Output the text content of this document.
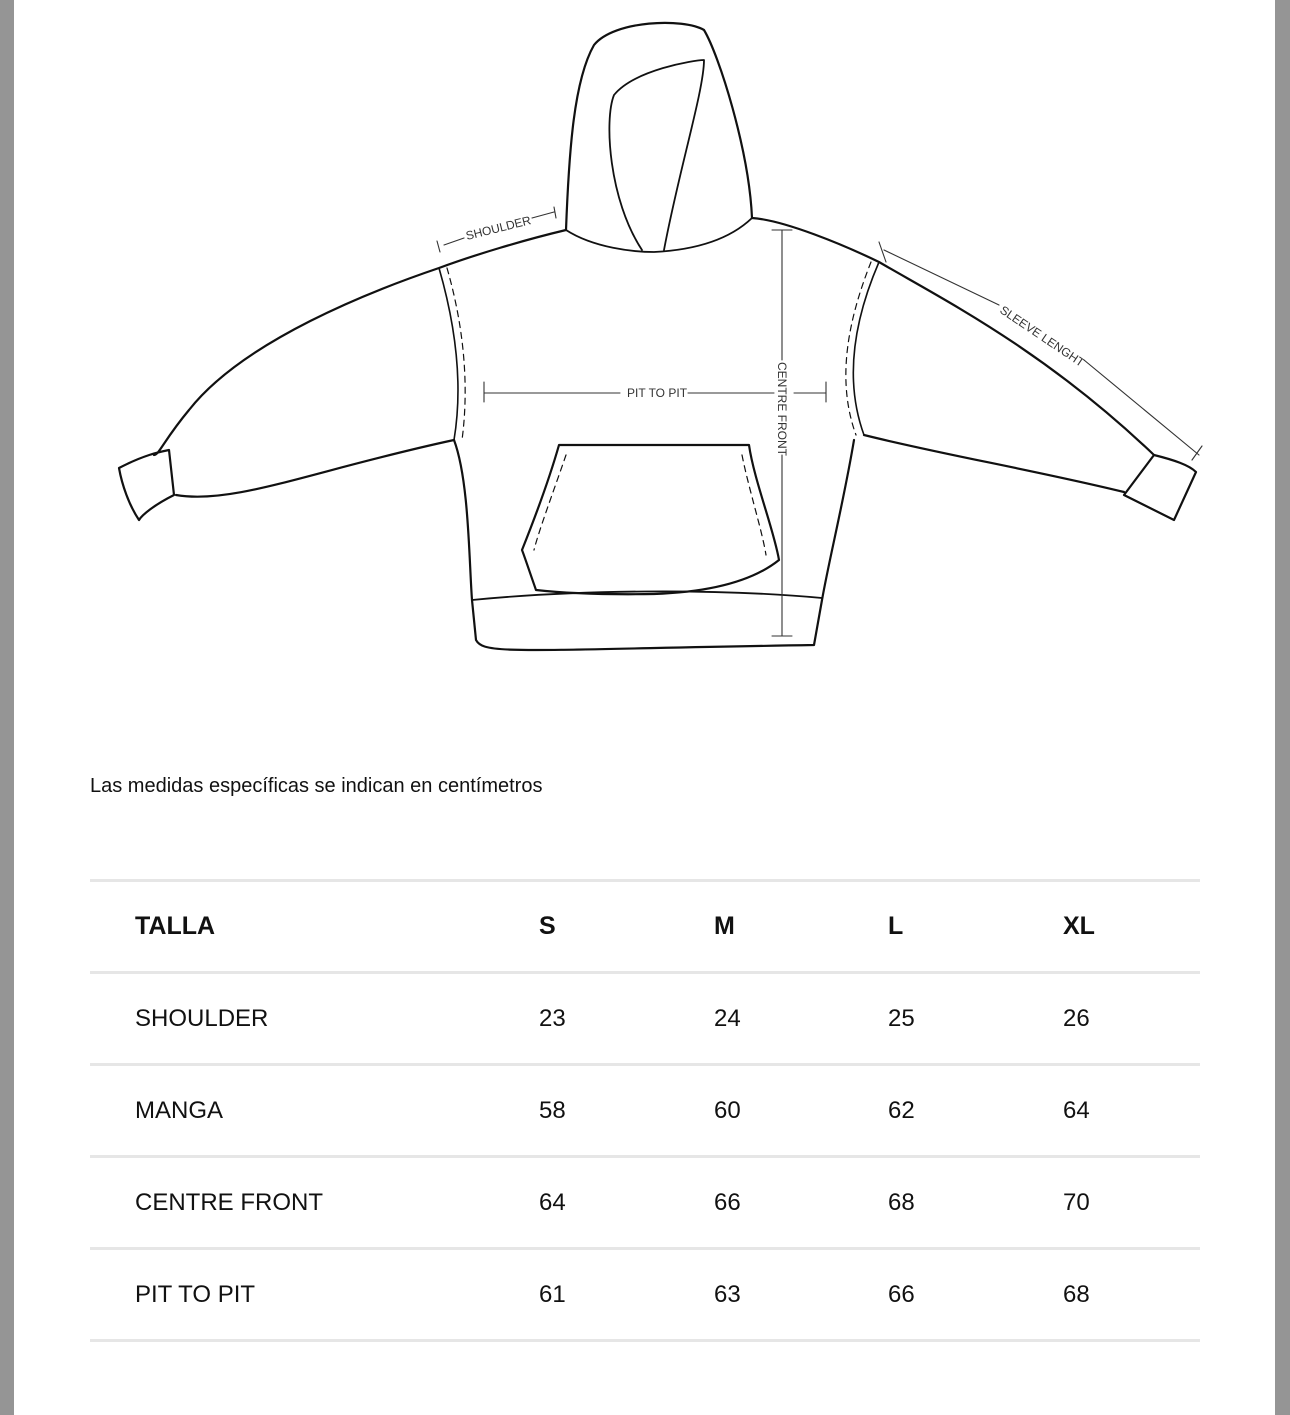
SHOULDER
PIT TO PIT	CENTRE FRONT
SLEEVE LENGHT
Las medidas específicas se indican en centímetros
TALLA	S	M	L	XL
SHOULDER	23	24	25	26
MANGA	58	60	62	64
CENTRE FRONT	64	66	68	70
PIT TO PIT	61	63	66	68
